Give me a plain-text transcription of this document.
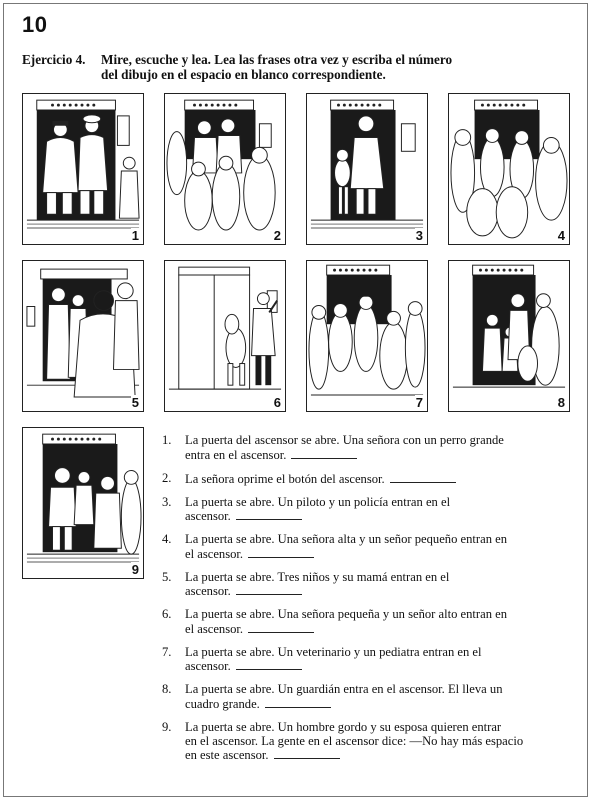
10
Ejercicio 4. Mire, escuche y lea. Lea las frases otra vez y escriba el número
del dibujo en el espacio en blanco correspondiente.
1	2	3	4
5	6	7	8
9
1. La puerta del ascensor se abre. Una señora con un perro grande
entra en el ascensor.
2. La señora oprime el botón del ascensor.
3. La puerta se abre. Un piloto y un policía entran en el
ascensor.
4. La puerta se abre. Una señora alta y un señor pequeño entran en
el ascensor.
5. La puerta se abre. Tres niños y su mamá entran en el
ascensor.
6. La puerta se abre. Una señora pequeña y un señor alto entran en
el ascensor.
7. La puerta se abre. Un veterinario y un pediatra entran en el
ascensor.
8. La puerta se abre. Un guardián entra en el ascensor. El lleva un
cuadro grande.
9. La puerta se abre. Un hombre gordo y su esposa quieren entrar
en el ascensor. La gente en el ascensor dice: —No hay más espacio
en este ascensor.
